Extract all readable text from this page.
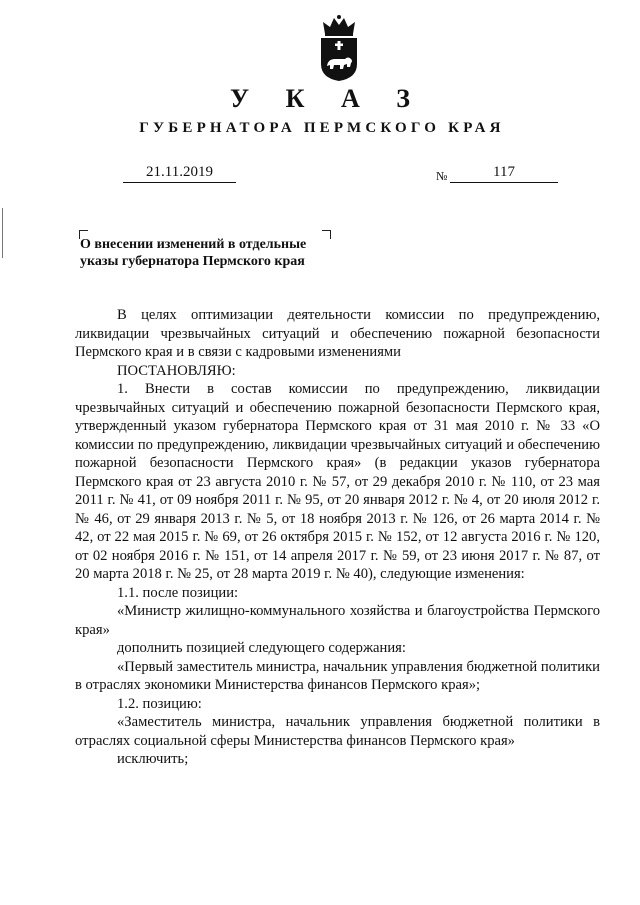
У К А З
ГУБЕРНАТОРА ПЕРМСКОГО КРАЯ
21.11.2019	№	117
О внесении изменений в отдельные
указы губернатора Пермского края

В целях оптимизации деятельности комиссии по предупреждению, ликвидации чрезвычайных ситуаций и обеспечению пожарной безопасности Пермского края и в связи с кадровыми изменениями

ПОСТАНОВЛЯЮ:

1. Внести в состав комиссии по предупреждению, ликвидации чрезвычайных ситуаций и обеспечению пожарной безопасности Пермского края, утвержденный указом губернатора Пермского края от 31 мая 2010 г. № 33 «О комиссии по предупреждению, ликвидации чрезвычайных ситуаций и обеспечению пожарной безопасности Пермского края» (в редакции указов губернатора Пермского края от 23 августа 2010 г. № 57, от 29 декабря 2010 г. № 110, от 23 мая 2011 г. № 41, от 09 ноября 2011 г. № 95, от 20 января 2012 г. № 4, от 20 июля 2012 г. № 46, от 29 января 2013 г. № 5, от 18 ноября 2013 г. № 126, от 26 марта 2014 г. № 42, от 22 мая 2015 г. № 69, от 26 октября 2015 г. № 152, от 12 августа 2016 г. № 120, от 02 ноября 2016 г. № 151, от 14 апреля 2017 г. № 59, от 23 июня 2017 г. № 87, от 20 марта 2018 г. № 25, от 28 марта 2019 г. № 40), следующие изменения:

1.1. после позиции:

«Министр жилищно-коммунального хозяйства и благоустройства Пермского края»

дополнить позицией следующего содержания:

«Первый заместитель министра, начальник управления бюджетной политики в отраслях экономики Министерства финансов Пермского края»;

1.2. позицию:

«Заместитель министра, начальник управления бюджетной политики в отраслях социальной сферы Министерства финансов Пермского края»

исключить;
